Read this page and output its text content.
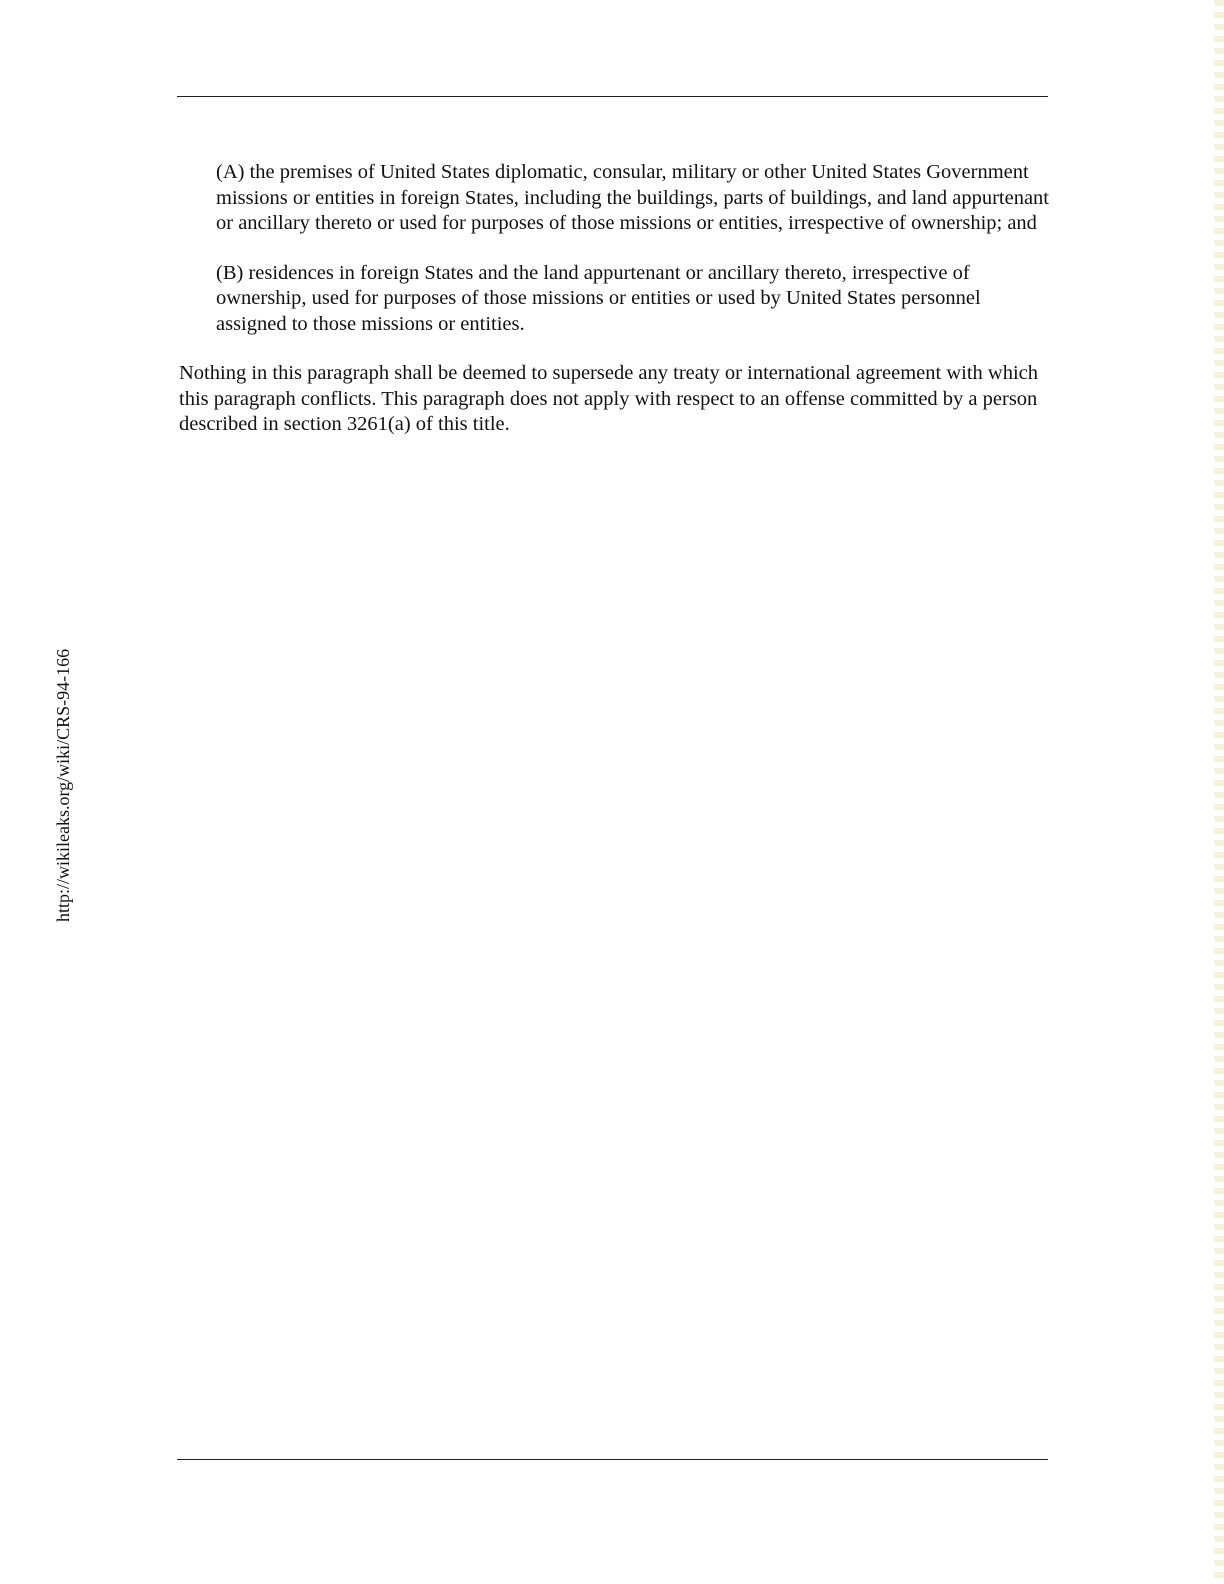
(A) the premises of United States diplomatic, consular, military or other United States Government missions or entities in foreign States, including the buildings, parts of buildings, and land appurtenant or ancillary thereto or used for purposes of those missions or entities, irrespective of ownership; and

(B) residences in foreign States and the land appurtenant or ancillary thereto, irrespective of ownership, used for purposes of those missions or entities or used by United States personnel assigned to those missions or entities.

Nothing in this paragraph shall be deemed to supersede any treaty or international agreement with which this paragraph conflicts. This paragraph does not apply with respect to an offense committed by a person described in section 3261(a) of this title.

http://wikileaks.org/wiki/CRS-94-166
